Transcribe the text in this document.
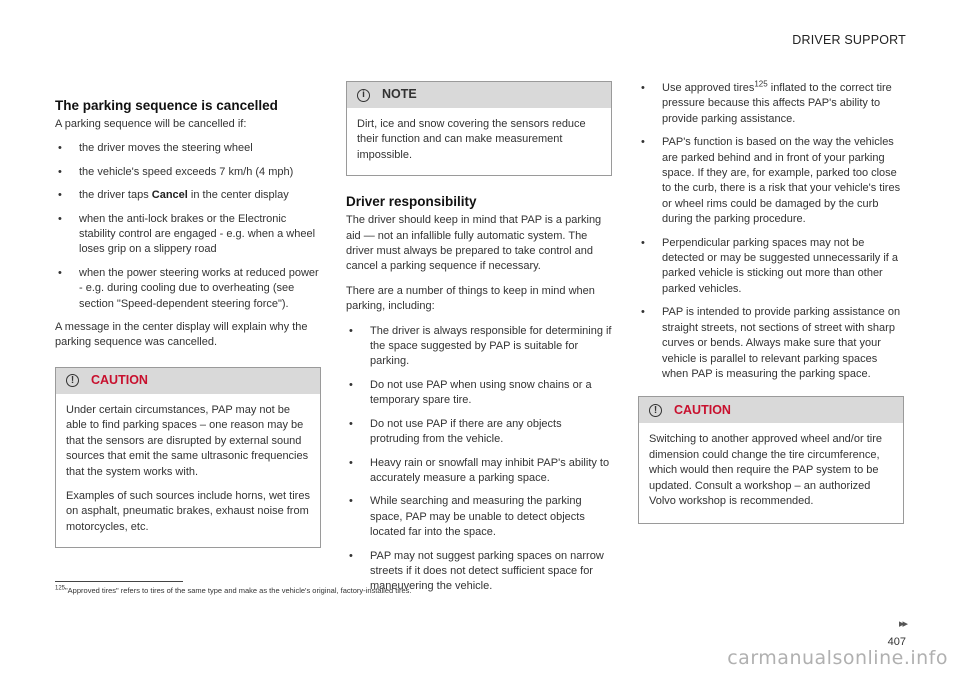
DRIVER SUPPORT
The parking sequence is cancelled

A parking sequence will be cancelled if:

• the driver moves the steering wheel
• the vehicle's speed exceeds 7 km/h (4 mph)
• the driver taps Cancel in the center display
• when the anti-lock brakes or the Electronic stability control are engaged - e.g. when a wheel loses grip on a slippery road
• when the power steering works at reduced power - e.g. during cooling due to overheating (see section "Speed-dependent steering force").

A message in the center display will explain why the parking sequence was cancelled.

!	CAUTION

Under certain circumstances, PAP may not be able to find parking spaces – one reason may be that the sensors are disrupted by external sound sources that emit the same ultrasonic frequencies that the system works with.

Examples of such sources include horns, wet tires on asphalt, pneumatic brakes, exhaust noise from motorcycles, etc.

i	NOTE

Dirt, ice and snow covering the sensors reduce their function and can make measurement impossible.

Driver responsibility

The driver should keep in mind that PAP is a parking aid — not an infallible fully automatic system. The driver must always be prepared to take control and cancel a parking sequence if necessary.

There are a number of things to keep in mind when parking, including:

• The driver is always responsible for determining if the space suggested by PAP is suitable for parking.
• Do not use PAP when using snow chains or a temporary spare tire.
• Do not use PAP if there are any objects protruding from the vehicle.
• Heavy rain or snowfall may inhibit PAP's ability to accurately measure a parking space.
• While searching and measuring the parking space, PAP may be unable to detect objects located far into the space.
• PAP may not suggest parking spaces on narrow streets if it does not detect sufficient space for maneuvering the vehicle.
• Use approved tires$^{125}$ inflated to the correct tire pressure because this affects PAP's ability to provide parking assistance.
• PAP's function is based on the way the vehicles are parked behind and in front of your parking space. If they are, for example, parked too close to the curb, there is a risk that your vehicle's tires or wheel rims could be damaged by the curb during the parking procedure.
• Perpendicular parking spaces may not be detected or may be suggested unnecessarily if a parked vehicle is sticking out more than other parked vehicles.
• PAP is intended to provide parking assistance on straight streets, not sections of street with sharp curves or bends. Always make sure that your vehicle is parallel to relevant parking spaces when PAP is measuring the parking space.
!	CAUTION

Switching to another approved wheel and/or tire dimension could change the tire circumference, which would then require the PAP system to be updated. Consult a workshop – an authorized Volvo workshop is recommended.

$^{125}$"Approved tires" refers to tires of the same type and make as the vehicle's original, factory-installed tires.
▸▸
407
carmanualsonline.info
